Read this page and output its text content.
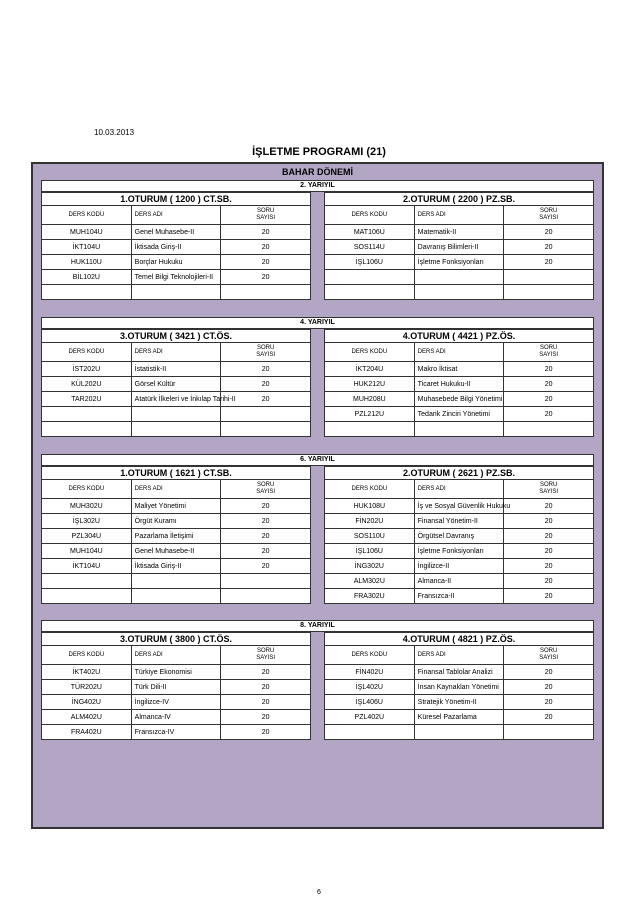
10.03.2013
İŞLETME PROGRAMI (21)
BAHAR DÖNEMİ
2. YARIYIL
1.OTURUM ( 1200 ) CT.SB.		
DERS KODU	DERS ADI	SORU
SAYISI

MUH104U	Genel Muhasebe-II	20
İKT104U	İktisada Giriş-II	20
HUK110U	Borçlar Hukuku	20
BİL102U	Temel Bilgi Teknolojileri-II	20

2.OTURUM ( 2200 ) PZ.SB.		
DERS KODU	DERS ADI	SORU
SAYISI

MAT106U	Matematik-II	20
SOS114U	Davranış Bilimleri-II	20
İŞL106U	İşletme Fonksiyonları	20

4. YARIYIL
3.OTURUM ( 3421 ) CT.ÖS.		
DERS KODU	DERS ADI	SORU
SAYISI

İST202U	İstatistik-II	20
KÜL202U	Görsel Kültür	20
TAR202U	Atatürk İlkeleri ve İnkılap Tarihi-II	20

4.OTURUM ( 4421 ) PZ.ÖS.		
DERS KODU	DERS ADI	SORU
SAYISI

İKT204U	Makro İktisat	20
HUK212U	Ticaret Hukuku-II	20
MUH208U	Muhasebede Bilgi Yönetimi	20
PZL212U	Tedarik Zinciri Yönetimi	20

6. YARIYIL
1.OTURUM ( 1621 ) CT.SB.		
DERS KODU	DERS ADI	SORU
SAYISI

MUH302U	Maliyet Yönetimi	20
İŞL302U	Örgüt Kuramı	20
PZL304U	Pazarlama İletişimi	20
MUH104U	Genel Muhasebe-II	20
İKT104U	İktisada Giriş-II	20

2.OTURUM ( 2621 ) PZ.SB.		
DERS KODU	DERS ADI	SORU
SAYISI

HUK108U	İş ve Sosyal Güvenlik Hukuku	20
FİN202U	Finansal Yönetim-II	20
SOS110U	Örgütsel Davranış	20
İŞL106U	İşletme Fonksiyonları	20
İNG302U	İngilizce-II	20
ALM302U	Almanca-II	20
FRA302U	Fransızca-II	20
8. YARIYIL
3.OTURUM ( 3800 ) CT.ÖS.		
DERS KODU	DERS ADI	SORU
SAYISI

İKT402U	Türkiye Ekonomisi	20
TÜR202U	Türk Dili-II	20
İNG402U	İngilizce-IV	20
ALM402U	Almanca-IV	20
FRA402U	Fransızca-IV	20
4.OTURUM ( 4821 ) PZ.ÖS.		
DERS KODU	DERS ADI	SORU
SAYISI

FİN402U	Finansal Tablolar Analizi	20
İŞL402U	İnsan Kaynakları Yönetimi	20
İŞL406U	Stratejik Yönetim-II	20
PZL402U	Küresel Pazarlama	20

6
